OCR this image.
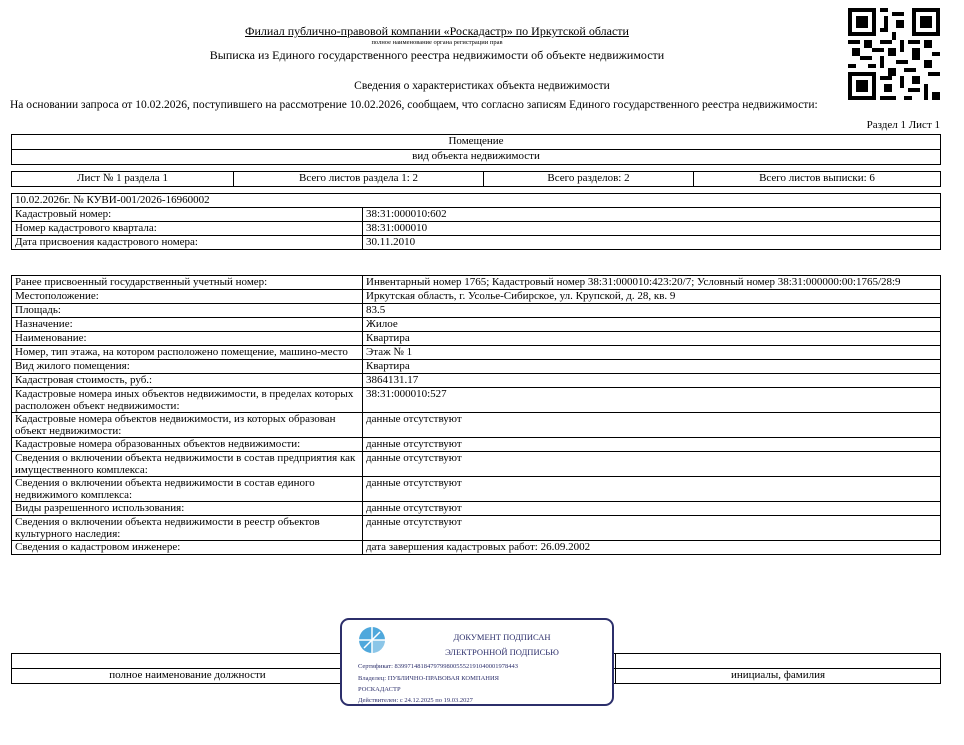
Филиал публично-правовой компании «Роскадастр» по Иркутской области
полное наименование органа регистрации прав
Выписка из Единого государственного реестра недвижимости об объекте недвижимости
Сведения о характеристиках объекта недвижимости
На основании запроса от 10.02.2026, поступившего на рассмотрение 10.02.2026, сообщаем, что согласно записям Единого государственного реестра недвижимости:
Раздел 1 Лист 1
Помещение
вид объекта недвижимости
Лист № 1 раздела 1	Всего листов раздела 1: 2	Всего разделов: 2	Всего листов выписки: 6
10.02.2026г. № КУВИ-001/2026-16960002	
Кадастровый номер:	38:31:000010:602
Номер кадастрового квартала:	38:31:000010
Дата присвоения кадастрового номера:	30.11.2010
Ранее присвоенный государственный учетный номер:	Инвентарный номер 1765; Кадастровый номер 38:31:000010:423:20/7; Условный номер 38:31:000000:00:1765/28:9
Местоположение:	Иркутская область, г. Усолье-Сибирское, ул. Крупской, д. 28, кв. 9
Площадь:	83.5
Назначение:	Жилое
Наименование:	Квартира
Номер, тип этажа, на котором расположено помещение, машино-место	Этаж № 1
Вид жилого помещения:	Квартира
Кадастровая стоимость, руб.:	3864131.17
Кадастровые номера иных объектов недвижимости, в пределах которых расположен объект недвижимости:	38:31:000010:527
Кадастровые номера объектов недвижимости, из которых образован объект недвижимости:	данные отсутствуют
Кадастровые номера образованных объектов недвижимости:	данные отсутствуют
Сведения о включении объекта недвижимости в состав предприятия как имущественного комплекса:	данные отсутствуют
Сведения о включении объекта недвижимости в состав единого недвижимого комплекса:	данные отсутствуют
Виды разрешенного использования:	данные отсутствуют
Сведения о включении объекта недвижимости в реестр объектов культурного наследия:	данные отсутствуют
Сведения о кадастровом инженере:	дата завершения кадастровых работ: 26.09.2002

полное наименование должности		инициалы, фамилия
ДОКУМЕНТ ПОДПИСАН
ЭЛЕКТРОННОЙ ПОДПИСЬЮ
Сертификат: 8399714818479799800555219104000197844З
Владелец: ПУБЛИЧНО-ПРАВОВАЯ КОМПАНИЯ
РОСКАДАСТР
Действителен: с 24.12.2025 по 19.03.2027
